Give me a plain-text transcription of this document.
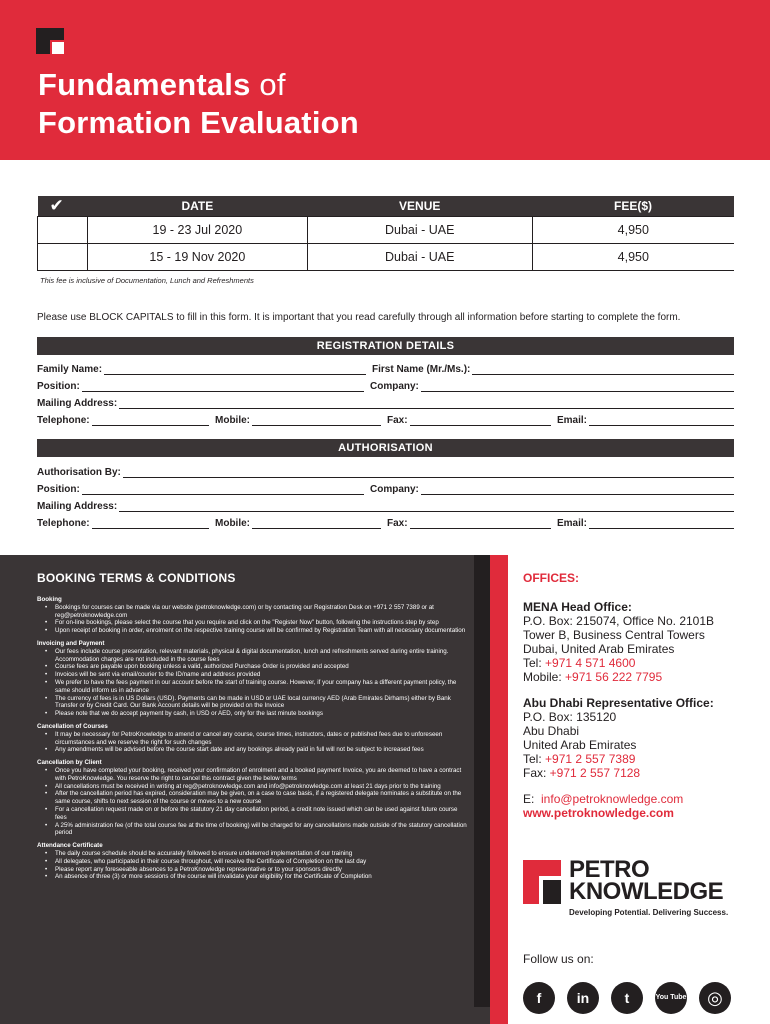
Fundamentals of
Formation Evaluation
✔	DATE	VENUE	FEE($)
	19 - 23 Jul 2020	Dubai - UAE	4,950
	15 - 19 Nov 2020	Dubai - UAE	4,950
This fee is inclusive of Documentation, Lunch and Refreshments
Please use BLOCK CAPITALS to fill in this form. It is important that you read carefully through all information before starting to complete the form.
REGISTRATION DETAILS
Family Name:	First Name (Mr./Ms.):
Position:	Company:
Mailing Address:
Telephone:	Mobile:	Fax:	Email:
AUTHORISATION
Authorisation By:
Position:	Company:
Mailing Address:
Telephone:	Mobile:	Fax:	Email:
BOOKING TERMS & CONDITIONS
Booking
• Bookings for courses can be made via our website (petroknowledge.com) or by contacting our Registration Desk on +971 2 557 7389 or at reg@petroknowledge.com
• For on-line bookings, please select the course that you require and click on the "Register Now" button, following the instructions step by step
• Upon receipt of booking in order, enrolment on the respective training course will be confirmed by Registration Team with all necessary documentation
Invoicing and Payment
• Our fees include course presentation, relevant materials, physical & digital documentation, lunch and refreshments served during entire training. Accommodation charges are not included in the course fees
• Course fees are payable upon booking unless a valid, authorized Purchase Order is provided and accepted
• Invoices will be sent via email/courier to the ID/name and address provided
• We prefer to have the fees payment in our account before the start of training course. However, if your company has a different payment policy, the same should inform us in advance
• The currency of fees is in US Dollars (USD). Payments can be made in USD or UAE local currency AED (Arab Emirates Dirhams) either by Bank Transfer or by Credit Card. Our Bank Account details will be provided on the Invoice
• Please note that we do accept payment by cash, in USD or AED, only for the last minute bookings
Cancellation of Courses
• It may be necessary for PetroKnowledge to amend or cancel any course, course times, instructors, dates or published fees due to unforeseen circumstances and we reserve the right for such changes
• Any amendments will be advised before the course start date and any bookings already paid in full will not be subject to increased fees
Cancellation by Client
• Once you have completed your booking, received your confirmation of enrolment and a booked payment Invoice, you are deemed to have a contract with PetroKnowledge. You reserve the right to cancel this contract given the below terms
• All cancellations must be received in writing at reg@petroknowledge.com and info@petroknowledge.com at least 21 days prior to the training
• After the cancellation period has expired, consideration may be given, on a case to case basis, if a registered delegate nominates a substitute on the same course, shifts to next session of the course or moves to a new course
• For a cancellation request made on or before the statutory 21 day cancellation period, a credit note issued which can be used against future course fees
• A 25% administration fee (of the total course fee at the time of booking) will be charged for any cancellations made outside of the statutory cancellation period
Attendance Certificate
• The daily course schedule should be accurately followed to ensure undeterred implementation of our training
• All delegates, who participated in their course throughout, will receive the Certificate of Completion on the last day
• Please report any foreseeable absences to a PetroKnowledge representative or to your sponsors directly
• An absence of three (3) or more sessions of the course will invalidate your eligibility for the Certificate of Completion
OFFICES:
MENA Head Office:
P.O. Box: 215074, Office No. 2101B
Tower B, Business Central Towers
Dubai, United Arab Emirates
Tel: +971 4 571 4600
Mobile: +971 56 222 7795
Abu Dhabi Representative Office:
P.O. Box: 135120
Abu Dhabi
United Arab Emirates
Tel: +971 2 557 7389
Fax: +971 2 557 7128
E: info@petroknowledge.com
www.petroknowledge.com
PETRO
KNOWLEDGE
Developing Potential. Delivering Success.
Follow us on:
f	in	t	You Tube	◎
